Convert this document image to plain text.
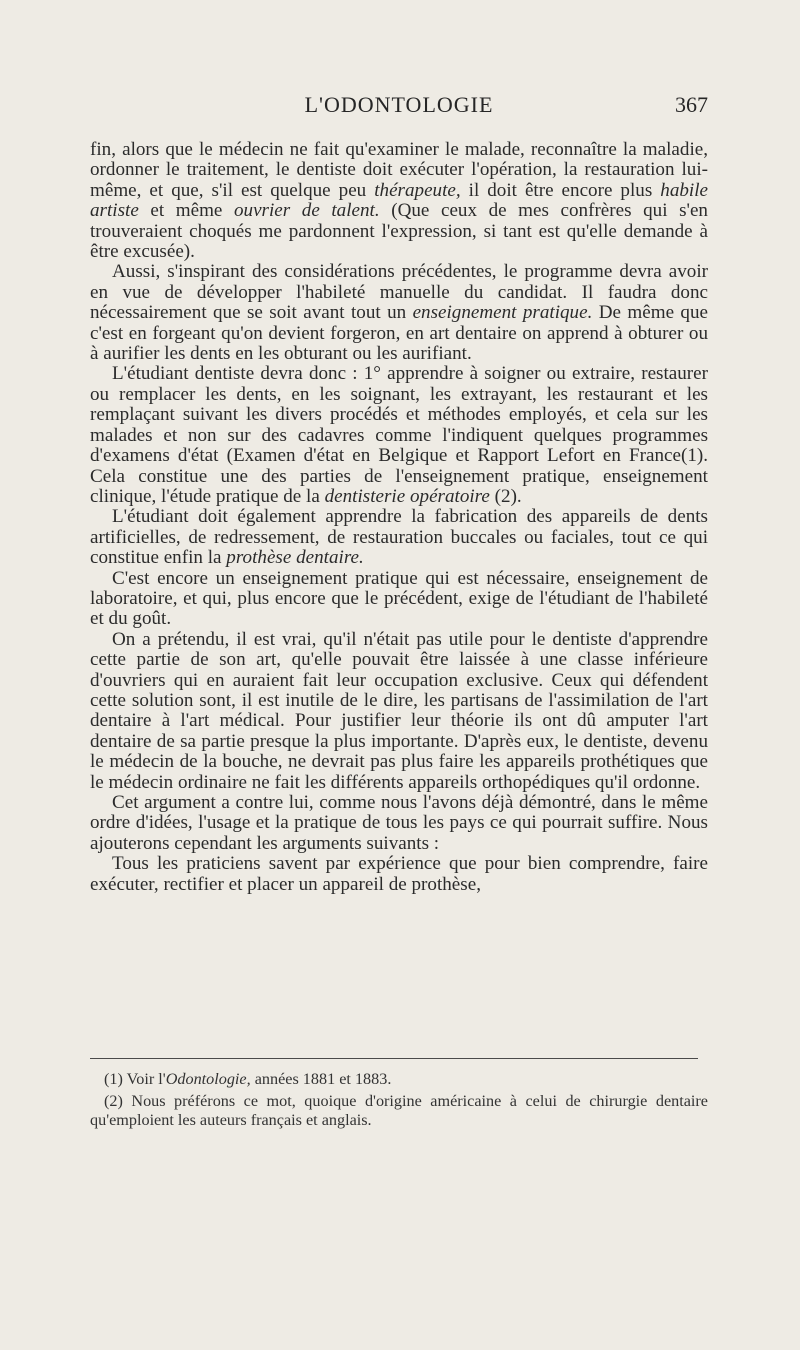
L'ODONTOLOGIE	367

fin, alors que le médecin ne fait qu'examiner le malade, reconnaître la maladie, ordonner le traitement, le dentiste doit exécuter l'opération, la restauration lui-même, et que, s'il est quelque peu thérapeute, il doit être encore plus habile artiste et même ouvrier de talent. (Que ceux de mes confrères qui s'en trouveraient choqués me pardonnent l'expression, si tant est qu'elle demande à être excusée).

Aussi, s'inspirant des considérations précédentes, le programme devra avoir en vue de développer l'habileté manuelle du candidat. Il faudra donc nécessairement que se soit avant tout un enseignement pratique. De même que c'est en forgeant qu'on devient forgeron, en art dentaire on apprend à obturer ou à aurifier les dents en les obturant ou les aurifiant.

L'étudiant dentiste devra donc : 1° apprendre à soigner ou extraire, restaurer ou remplacer les dents, en les soignant, les extrayant, les restaurant et les remplaçant suivant les divers procédés et méthodes employés, et cela sur les malades et non sur des cadavres comme l'indiquent quelques programmes d'examens d'état (Examen d'état en Belgique et Rapport Lefort en France(1). Cela constitue une des parties de l'enseignement pratique, enseignement clinique, l'étude pratique de la dentisterie opératoire (2).

L'étudiant doit également apprendre la fabrication des appareils de dents artificielles, de redressement, de restauration buccales ou faciales, tout ce qui constitue enfin la prothèse dentaire.

C'est encore un enseignement pratique qui est nécessaire, enseignement de laboratoire, et qui, plus encore que le précédent, exige de l'étudiant de l'habileté et du goût.

On a prétendu, il est vrai, qu'il n'était pas utile pour le dentiste d'apprendre cette partie de son art, qu'elle pouvait être laissée à une classe inférieure d'ouvriers qui en auraient fait leur occupation exclusive. Ceux qui défendent cette solution sont, il est inutile de le dire, les partisans de l'assimilation de l'art dentaire à l'art médical. Pour justifier leur théorie ils ont dû amputer l'art dentaire de sa partie presque la plus importante. D'après eux, le dentiste, devenu le médecin de la bouche, ne devrait pas plus faire les appareils prothétiques que le médecin ordinaire ne fait les différents appareils orthopédiques qu'il ordonne.

Cet argument a contre lui, comme nous l'avons déjà démontré, dans le même ordre d'idées, l'usage et la pratique de tous les pays ce qui pourrait suffire. Nous ajouterons cependant les arguments suivants :

Tous les praticiens savent par expérience que pour bien comprendre, faire exécuter, rectifier et placer un appareil de prothèse,

(1) Voir l'Odontologie, années 1881 et 1883.

(2) Nous préférons ce mot, quoique d'origine américaine à celui de chirurgie dentaire qu'emploient les auteurs français et anglais.
